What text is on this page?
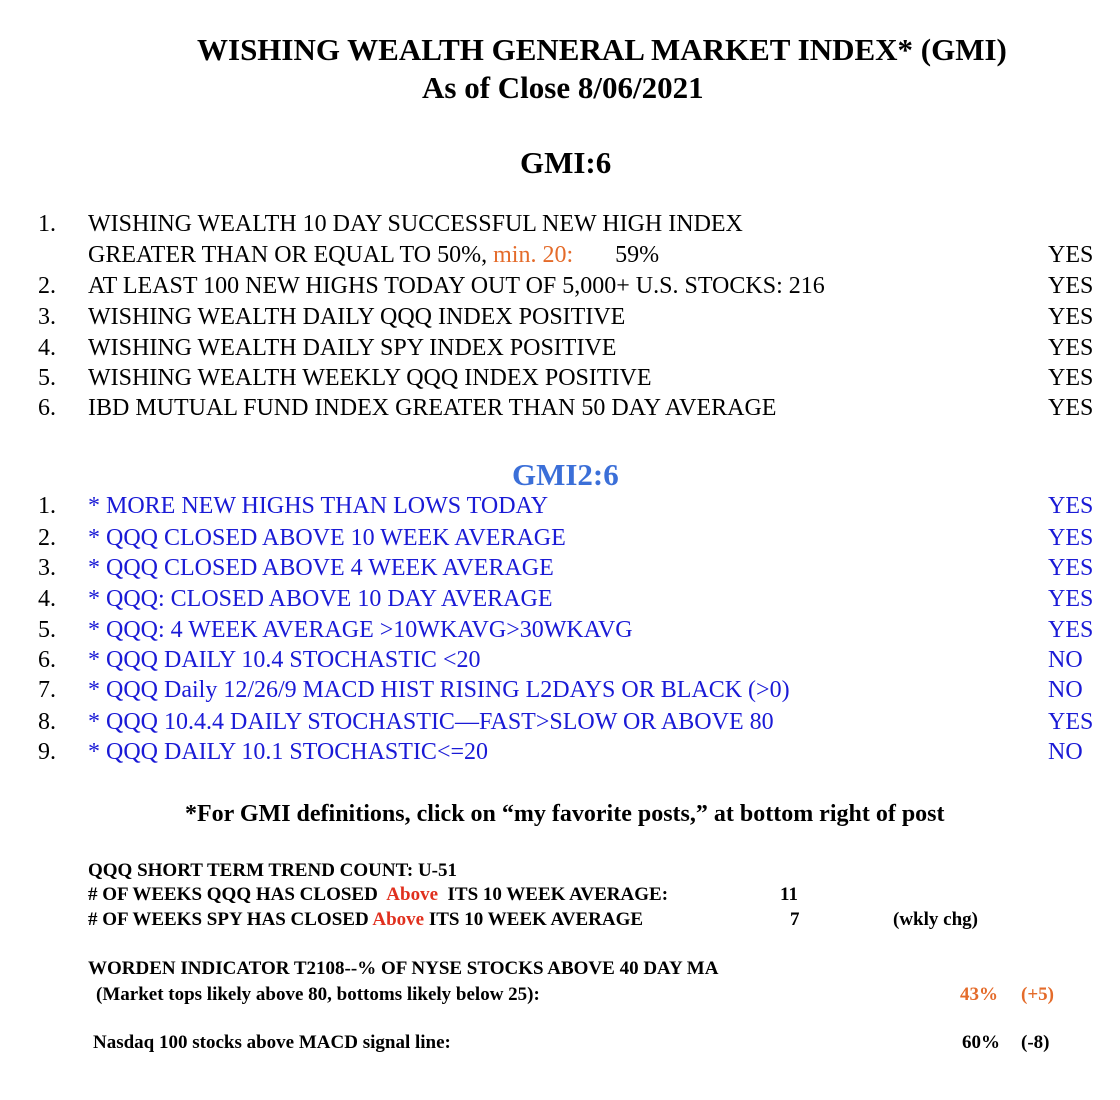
WISHING WEALTH GENERAL MARKET INDEX* (GMI)
As of Close 8/06/2021
GMI:6
1. WISHING WEALTH 10 DAY SUCCESSFUL NEW HIGH INDEX
GREATER THAN OR EQUAL TO 50%, min. 20: 59%	YES
2. AT LEAST 100 NEW HIGHS TODAY OUT OF 5,000+ U.S. STOCKS: 216	YES
3. WISHING WEALTH DAILY QQQ INDEX POSITIVE	YES
4. WISHING WEALTH DAILY SPY INDEX POSITIVE	YES
5. WISHING WEALTH WEEKLY QQQ INDEX POSITIVE	YES
6. IBD MUTUAL FUND INDEX GREATER THAN 50 DAY AVERAGE	YES
GMI2:6
1. * MORE NEW HIGHS THAN LOWS TODAY	YES
2. * QQQ CLOSED ABOVE 10 WEEK AVERAGE	YES
3. * QQQ CLOSED ABOVE 4 WEEK AVERAGE	YES
4. * QQQ: CLOSED ABOVE 10 DAY AVERAGE	YES
5. * QQQ: 4 WEEK AVERAGE >10WKAVG>30WKAVG	YES
6. * QQQ DAILY 10.4 STOCHASTIC <20	NO
7. * QQQ Daily 12/26/9 MACD HIST RISING L2DAYS OR BLACK (>0)	NO
8. * QQQ 10.4.4 DAILY STOCHASTIC—FAST>SLOW OR ABOVE 80	YES
9. * QQQ DAILY 10.1 STOCHASTIC<=20	NO
*For GMI definitions, click on “my favorite posts,” at bottom right of post
QQQ SHORT TERM TREND COUNT: U-51
# OF WEEKS QQQ HAS CLOSED Above ITS 10 WEEK AVERAGE:	11
# OF WEEKS SPY HAS CLOSED Above ITS 10 WEEK AVERAGE	7	(wkly chg)
WORDEN INDICATOR T2108--% OF NYSE STOCKS ABOVE 40 DAY MA
(Market tops likely above 80, bottoms likely below 25):	43% (+5)
Nasdaq 100 stocks above MACD signal line:	60% (-8)
